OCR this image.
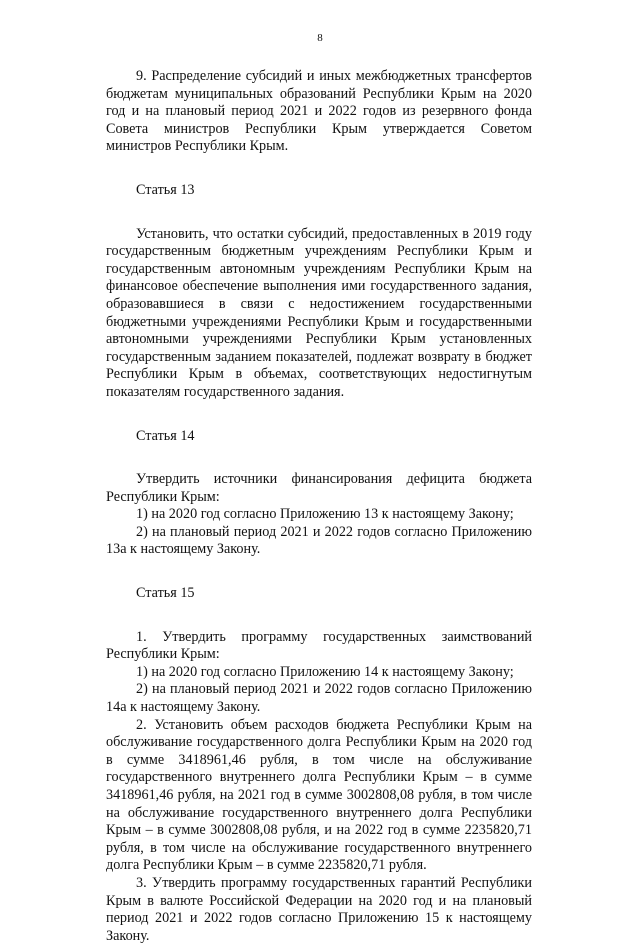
8

9. Распределение субсидий и иных межбюджетных трансфертов бюджетам муниципальных образований Республики Крым на 2020 год и на плановый период 2021 и 2022 годов из резервного фонда Совета министров Республики Крым утверждается Советом министров Республики Крым.

Статья 13

Установить, что остатки субсидий, предоставленных в 2019 году государственным бюджетным учреждениям Республики Крым и государственным автономным учреждениям Республики Крым на финансовое обеспечение выполнения ими государственного задания, образовавшиеся в связи с недостижением государственными бюджетными учреждениями Республики Крым и государственными автономными учреждениями Республики Крым установленных государственным заданием показателей, подлежат возврату в бюджет Республики Крым в объемах, соответствующих недостигнутым показателям государственного задания.

Статья 14

Утвердить источники финансирования дефицита бюджета Республики Крым:

1) на 2020 год согласно Приложению 13 к настоящему Закону;

2) на плановый период 2021 и 2022 годов согласно Приложению 13а к настоящему Закону.

Статья 15

1. Утвердить программу государственных заимствований Республики Крым:

1) на 2020 год согласно Приложению 14 к настоящему Закону;

2) на плановый период 2021 и 2022 годов согласно Приложению 14а к настоящему Закону.

2. Установить объем расходов бюджета Республики Крым на обслуживание государственного долга Республики Крым на 2020 год в сумме 3418961,46 рубля, в том числе на обслуживание государственного внутреннего долга Республики Крым – в сумме 3418961,46 рубля, на 2021 год в сумме 3002808,08 рубля, в том числе на обслуживание государственного внутреннего долга Республики Крым – в сумме 3002808,08 рубля, и на 2022 год в сумме 2235820,71 рубля, в том числе на обслуживание государственного внутреннего долга Республики Крым – в сумме 2235820,71 рубля.

3. Утвердить программу государственных гарантий Республики Крым в валюте Российской Федерации на 2020 год и на плановый период 2021 и 2022 годов согласно Приложению 15 к настоящему Закону.
